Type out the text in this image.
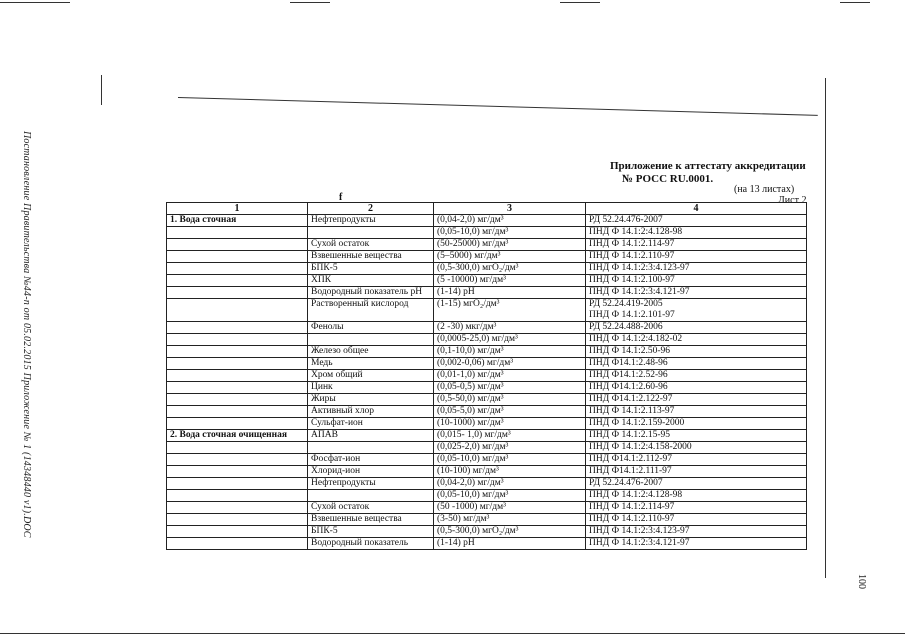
Постановление Правительства №44-п от 05.02.2015 Приложение № 1 (14348440 v1).DOC
100
Приложение к аттестату аккредитации
№ РОСС RU.0001.
(на 13 листах)
Лист 2
f
1	2	3	4
1. Вода сточная	Нефтепродукты	(0,04-2,0) мг/дм³	РД 52.24.476-2007
		(0,05-10,0) мг/дм³	ПНД Ф 14.1:2:4.128-98
	Сухой остаток	(50-25000) мг/дм³	ПНД Ф 14.1:2.114-97
	Взвешенные вещества	(5–5000) мг/дм³	ПНД Ф 14.1:2.110-97
	БПК-5	(0,5-300,0) мгО₂/дм³	ПНД Ф 14.1:2:3:4.123-97
	ХПК	(5 -10000) мг/дм³	ПНД Ф 14.1:2.100-97
	Водородный показатель рН	(1-14) pH	ПНД Ф 14.1:2:3:4.121-97
	Растворенный кислород	(1-15) мгО₂/дм³	РД 52.24.419-2005
ПНД Ф 14.1:2.101-97
	Фенолы	(2 -30) мкг/дм³	РД 52.24.488-2006
		(0,0005-25,0) мг/дм³	ПНД Ф 14.1:2:4.182-02
	Железо общее	(0,1-10,0) мг/дм³	ПНД Ф 14.1:2.50-96
	Медь	(0,002-0,06) мг/дм³	ПНД Ф14.1:2.48-96
	Хром общий	(0,01-1,0) мг/дм³	ПНД Ф14.1:2.52-96
	Цинк	(0,05-0,5) мг/дм³	ПНД Ф14.1:2.60-96
	Жиры	(0,5-50,0) мг/дм³	ПНД Ф14.1:2.122-97
	Активный хлор	(0,05-5,0) мг/дм³	ПНД Ф 14.1:2.113-97
	Сульфат-ион	(10-1000) мг/дм³	ПНД Ф 14.1:2.159-2000
2. Вода сточная очищенная	АПАВ	(0,015- 1,0) мг/дм³	ПНД Ф 14.1:2.15-95
		(0,025-2,0) мг/дм³	ПНД Ф 14.1:2:4.158-2000
	Фосфат-ион	(0,05-10,0) мг/дм³	ПНД Ф14.1:2.112-97
	Хлорид-ион	(10-100) мг/дм³	ПНД Ф14.1:2.111-97
	Нефтепродукты	(0,04-2,0) мг/дм³	РД 52.24.476-2007
		(0,05-10,0) мг/дм³	ПНД Ф 14.1:2:4.128-98
	Сухой остаток	(50 -1000) мг/дм³	ПНД Ф 14.1:2.114-97
	Взвешенные вещества	(3-50) мг/дм³	ПНД Ф 14.1:2.110-97
	БПК-5	(0,5-300,0) мгО₂/дм³	ПНД Ф 14.1:2:3:4.123-97
	Водородный показатель	(1-14) pH	ПНД Ф 14.1:2:3:4.121-97
